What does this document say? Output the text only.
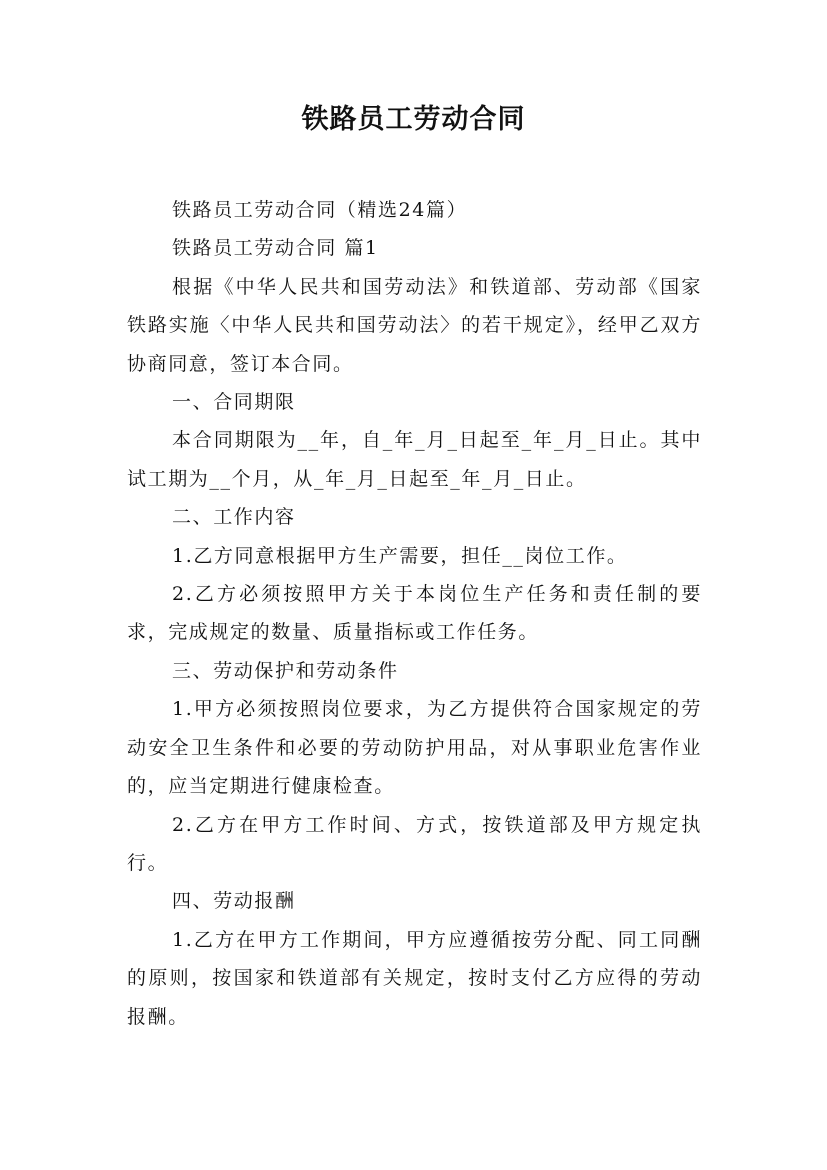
铁路员工劳动合同

铁路员工劳动合同（精选24篇）

铁路员工劳动合同 篇1

根据《中华人民共和国劳动法》和铁道部、劳动部《国家铁路实施〈中华人民共和国劳动法〉的若干规定》，经甲乙双方协商同意，签订本合同。

一、合同期限

本合同期限为__年，自_年_月_日起至_年_月_日止。其中试工期为__个月，从_年_月_日起至_年_月_日止。

二、工作内容

1.乙方同意根据甲方生产需要，担任__岗位工作。

2.乙方必须按照甲方关于本岗位生产任务和责任制的要求，完成规定的数量、质量指标或工作任务。

三、劳动保护和劳动条件

1.甲方必须按照岗位要求，为乙方提供符合国家规定的劳动安全卫生条件和必要的劳动防护用品，对从事职业危害作业的，应当定期进行健康检查。

2.乙方在甲方工作时间、方式，按铁道部及甲方规定执行。

四、劳动报酬

1.乙方在甲方工作期间，甲方应遵循按劳分配、同工同酬的原则，按国家和铁道部有关规定，按时支付乙方应得的劳动报酬。
